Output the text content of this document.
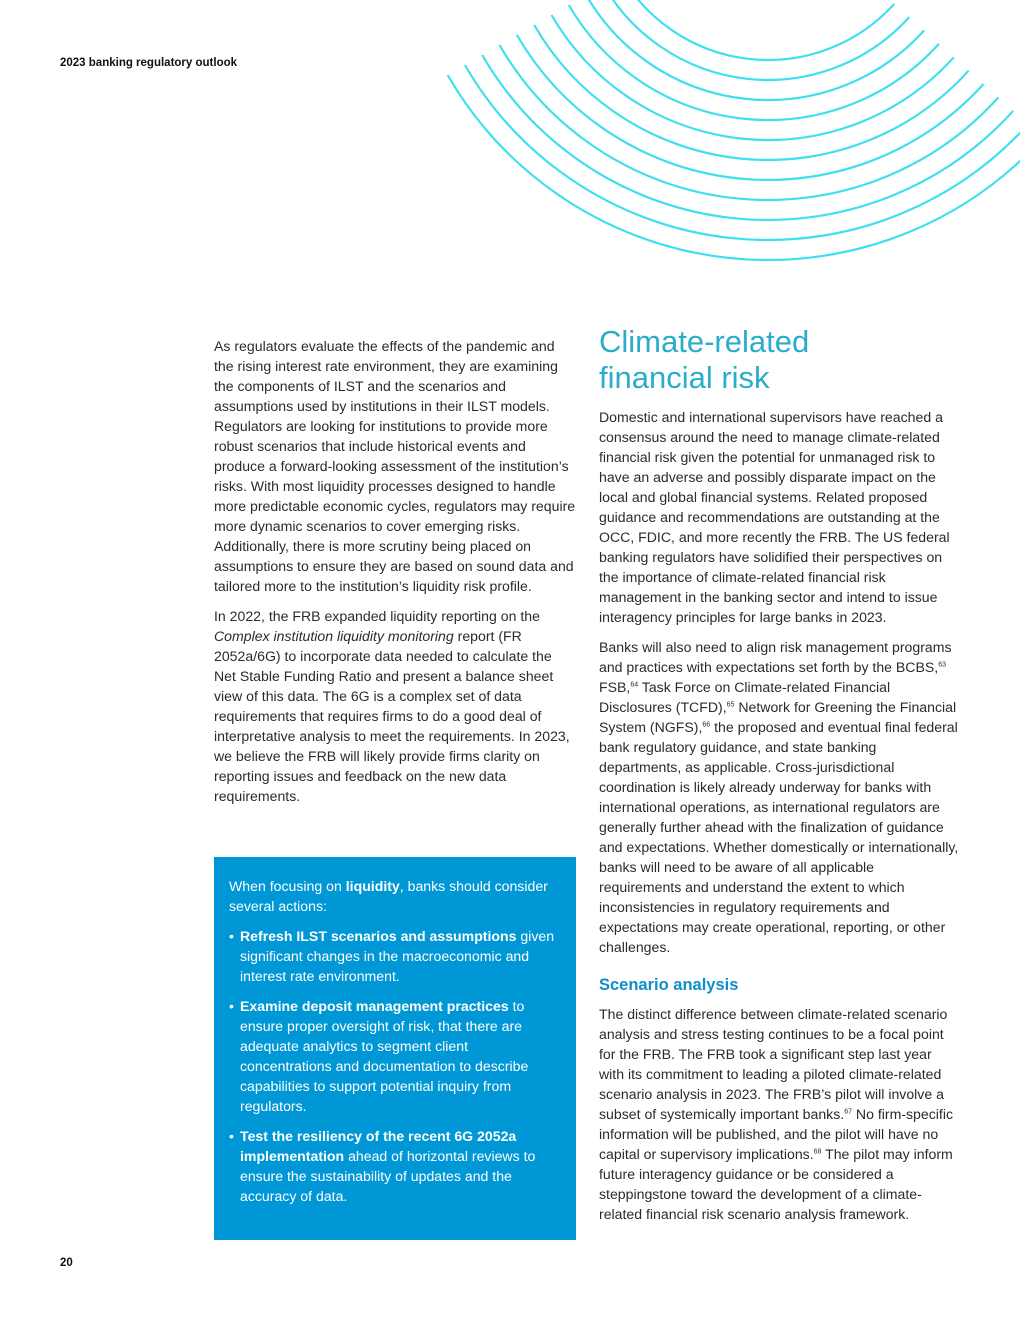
2023 banking regulatory outlook

As regulators evaluate the effects of the pandemic and the rising interest rate environment, they are examining the components of ILST and the scenarios and assumptions used by institutions in their ILST models. Regulators are looking for institutions to provide more robust scenarios that include historical events and produce a forward-looking assessment of the institution’s risks. With most liquidity processes designed to handle more predictable economic cycles, regulators may require more dynamic scenarios to cover emerging risks. Additionally, there is more scrutiny being placed on assumptions to ensure they are based on sound data and tailored more to the institution’s liquidity risk profile.

In 2022, the FRB expanded liquidity reporting on the Complex institution liquidity monitoring report (FR 2052a/6G) to incorporate data needed to calculate the Net Stable Funding Ratio and present a balance sheet view of this data. The 6G is a complex set of data requirements that requires firms to do a good deal of interpretative analysis to meet the requirements. In 2023, we believe the FRB will likely provide firms clarity on reporting issues and feedback on the new data requirements.

When focusing on liquidity, banks should consider several actions:

• Refresh ILST scenarios and assumptions given significant changes in the macroeconomic and interest rate environment.
• Examine deposit management practices to ensure proper oversight of risk, that there are adequate analytics to segment client concentrations and documentation to describe capabilities to support potential inquiry from regulators.
• Test the resiliency of the recent 6G 2052a implementation ahead of horizontal reviews to ensure the sustainability of updates and the accuracy of data.
Climate-related
financial risk

Domestic and international supervisors have reached a consensus around the need to manage climate-related financial risk given the potential for unmanaged risk to have an adverse and possibly disparate impact on the local and global financial systems. Related proposed guidance and recommendations are outstanding at the OCC, FDIC, and more recently the FRB. The US federal banking regulators have solidified their perspectives on the importance of climate-related financial risk management in the banking sector and intend to issue interagency principles for large banks in 2023.

Banks will also need to align risk management programs and practices with expectations set forth by the BCBS,$^{63}$ FSB,$^{64}$ Task Force on Climate-related Financial Disclosures (TCFD),$^{65}$ Network for Greening the Financial System (NGFS),$^{66}$ the proposed and eventual final federal bank regulatory guidance, and state banking departments, as applicable. Cross-jurisdictional coordination is likely already underway for banks with international operations, as international regulators are generally further ahead with the finalization of guidance and expectations. Whether domestically or internationally, banks will need to be aware of all applicable requirements and understand the extent to which inconsistencies in regulatory requirements and expectations may create operational, reporting, or other challenges.

Scenario analysis

The distinct difference between climate-related scenario analysis and stress testing continues to be a focal point for the FRB. The FRB took a significant step last year with its commitment to leading a piloted climate-related scenario analysis in 2023. The FRB’s pilot will involve a subset of systemically important banks.$^{67}$ No firm-specific information will be published, and the pilot will have no capital or supervisory implications.$^{68}$ The pilot may inform future interagency guidance or be considered a steppingstone toward the development of a climate-related financial risk scenario analysis framework.

20
